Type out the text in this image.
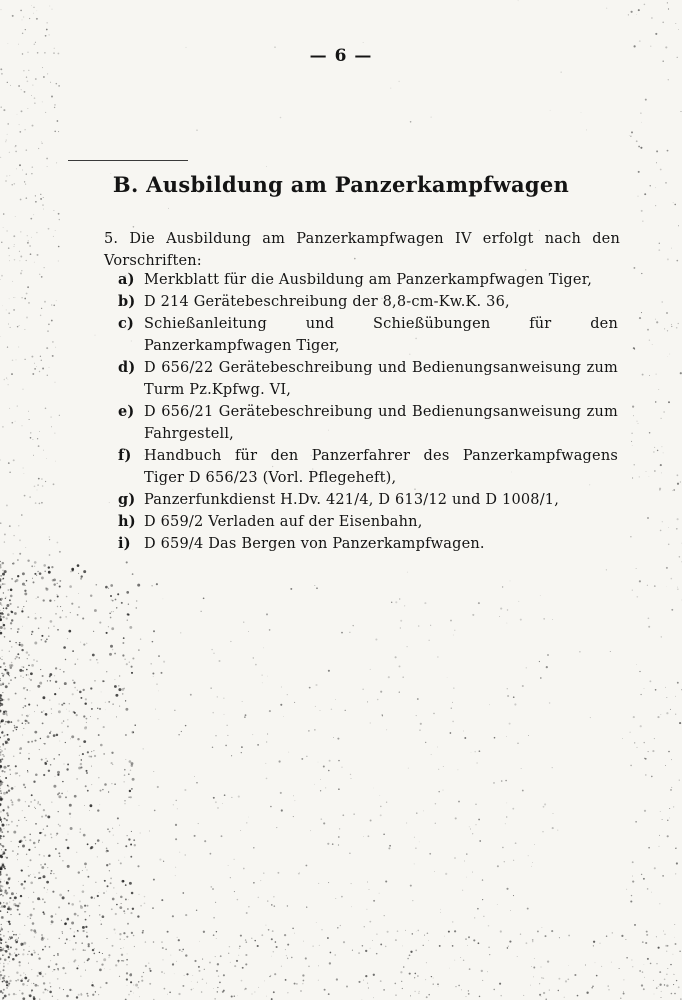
— 6 —
B. Ausbildung am Panzerkampfwagen
5. Die Ausbildung am Panzerkampfwagen IV erfolgt nach den Vorschriften:
a) Merkblatt für die Ausbildung am Panzerkampfwagen Tiger,
b) D 214 Gerätebeschreibung der 8,8-cm-Kw.K. 36,
c) Schießanleitung und Schießübungen für den Panzerkampfwagen Tiger,
d) D 656/22 Gerätebeschreibung und Bedienungsanweisung zum Turm Pz.Kpfwg. VI,
e) D 656/21 Gerätebeschreibung und Bedienungsanweisung zum Fahrgestell,
f) Handbuch für den Panzerfahrer des Panzerkampfwagens Tiger D 656/23 (Vorl. Pflegeheft),
g) Panzerfunkdienst H.Dv. 421/4, D 613/12 und D 1008/1,
h) D 659/2 Verladen auf der Eisenbahn,
i) D 659/4 Das Bergen von Panzerkampfwagen.
